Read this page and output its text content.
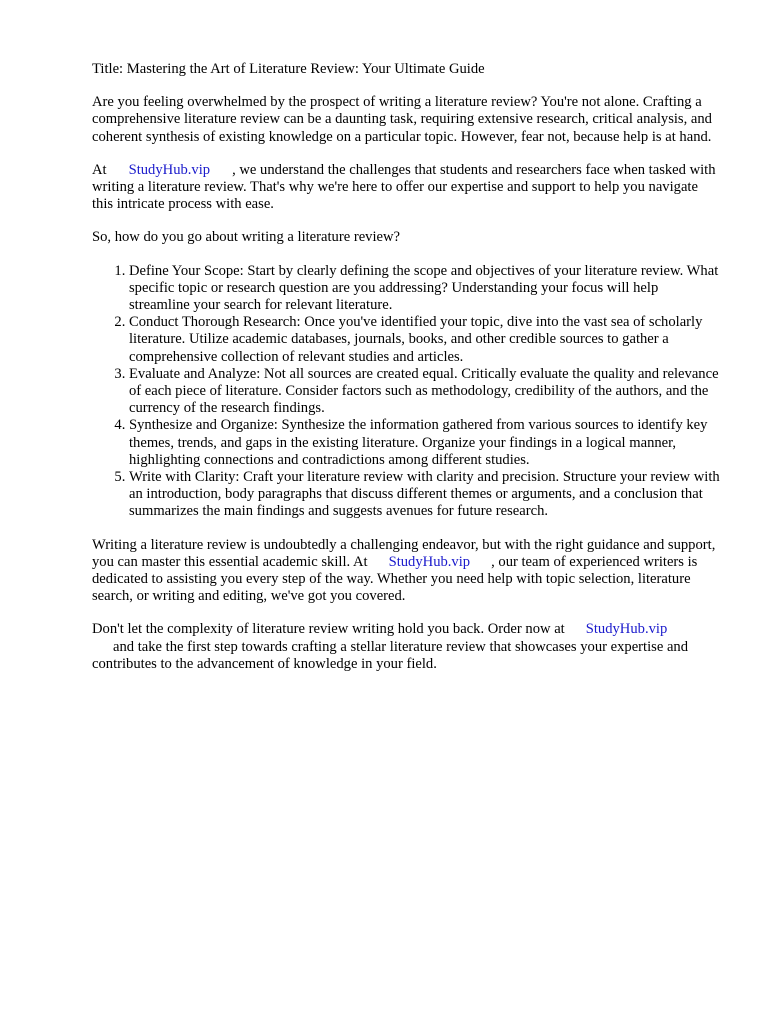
Title: Mastering the Art of Literature Review: Your Ultimate Guide

Are you feeling overwhelmed by the prospect of writing a literature review? You're not alone. Crafting a comprehensive literature review can be a daunting task, requiring extensive research, critical analysis, and coherent synthesis of existing knowledge on a particular topic. However, fear not, because help is at hand.

At StudyHub.vip , we understand the challenges that students and researchers face when tasked with writing a literature review. That's why we're here to offer our expertise and support to help you navigate this intricate process with ease.

So, how do you go about writing a literature review?

1. Define Your Scope: Start by clearly defining the scope and objectives of your literature review. What specific topic or research question are you addressing? Understanding your focus will help streamline your search for relevant literature.
2. Conduct Thorough Research: Once you've identified your topic, dive into the vast sea of scholarly literature. Utilize academic databases, journals, books, and other credible sources to gather a comprehensive collection of relevant studies and articles.
3. Evaluate and Analyze: Not all sources are created equal. Critically evaluate the quality and relevance of each piece of literature. Consider factors such as methodology, credibility of the authors, and the currency of the research findings.
4. Synthesize and Organize: Synthesize the information gathered from various sources to identify key themes, trends, and gaps in the existing literature. Organize your findings in a logical manner, highlighting connections and contradictions among different studies.
5. Write with Clarity: Craft your literature review with clarity and precision. Structure your review with an introduction, body paragraphs that discuss different themes or arguments, and a conclusion that summarizes the main findings and suggests avenues for future research.

Writing a literature review is undoubtedly a challenging endeavor, but with the right guidance and support, you can master this essential academic skill. At StudyHub.vip , our team of experienced writers is dedicated to assisting you every step of the way. Whether you need help with topic selection, literature search, or writing and editing, we've got you covered.

Don't let the complexity of literature review writing hold you back. Order now at StudyHub.vip
and take the first step towards crafting a stellar literature review that showcases your expertise and contributes to the advancement of knowledge in your field.
